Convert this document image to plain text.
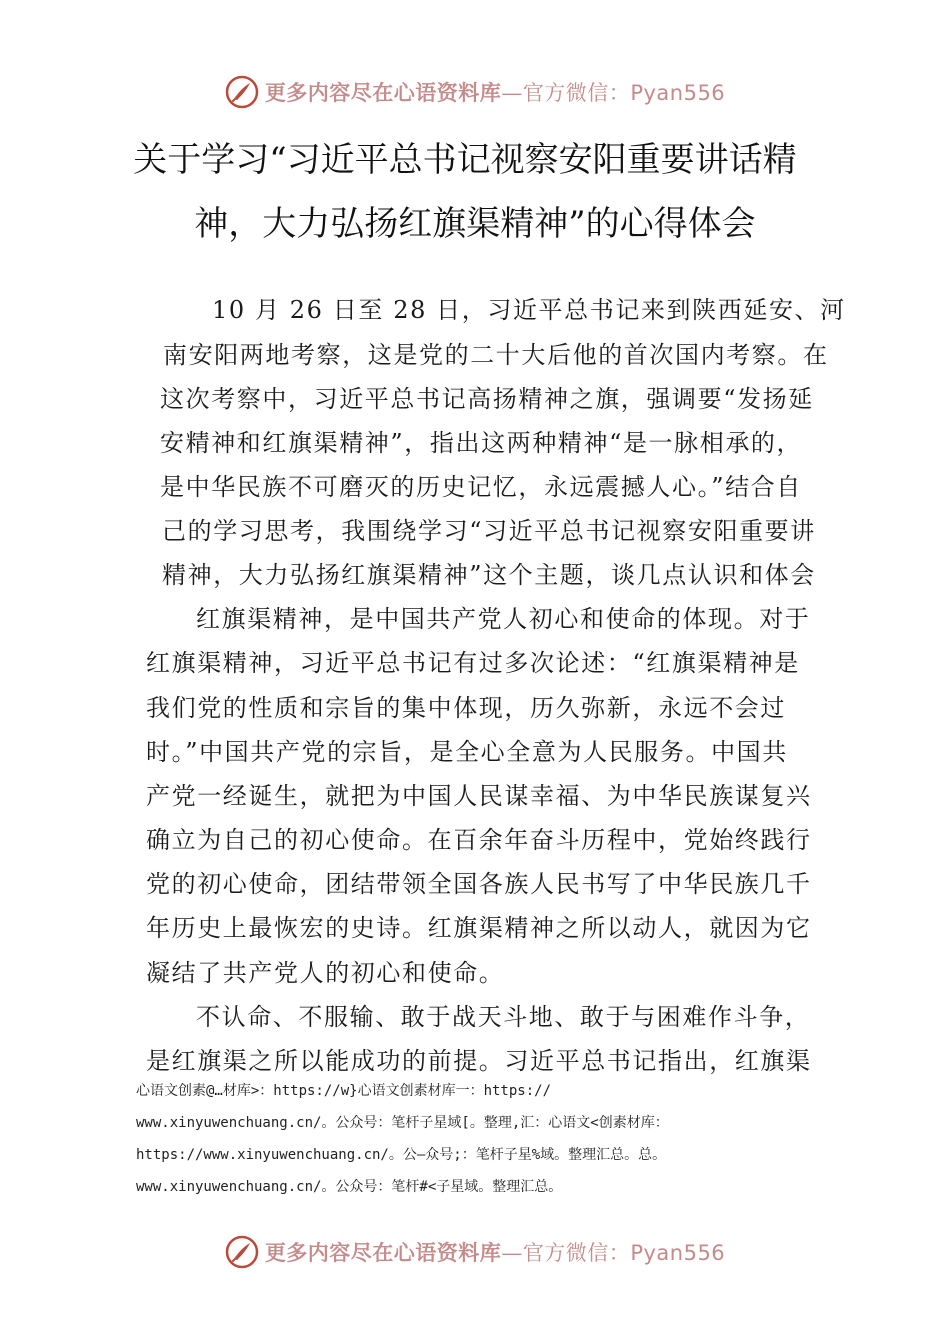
更多内容尽在心语资料库—官方微信：Pyan556
关于学习“习近平总书记视察安阳重要讲话精
神，大力弘扬红旗渠精神”的心得体会
10 月 26 日至 28 日，习近平总书记来到陕西延安、河
南安阳两地考察，这是党的二十大后他的首次国内考察。在
这次考察中，习近平总书记高扬精神之旗，强调要“发扬延
安精神和红旗渠精神”，指出这两种精神“是一脉相承的，
是中华民族不可磨灭的历史记忆，永远震撼人心。”结合自
己的学习思考，我围绕学习“习近平总书记视察安阳重要讲
精神，大力弘扬红旗渠精神”这个主题，谈几点认识和体会
红旗渠精神，是中国共产党人初心和使命的体现。对于
红旗渠精神，习近平总书记有过多次论述：“红旗渠精神是
我们党的性质和宗旨的集中体现，历久弥新，永远不会过
时。”中国共产党的宗旨，是全心全意为人民服务。中国共
产党一经诞生，就把为中国人民谋幸福、为中华民族谋复兴
确立为自己的初心使命。在百余年奋斗历程中，党始终践行
党的初心使命，团结带领全国各族人民书写了中华民族几千
年历史上最恢宏的史诗。红旗渠精神之所以动人，就因为它
凝结了共产党人的初心和使命。
不认命、不服输、敢于战天斗地、敢于与困难作斗争，
是红旗渠之所以能成功的前提。习近平总书记指出，红旗渠
心语文创素@…材库>：https://w}心语文创素材库一：https://
www.xinyuwenchuang.cn/。公众号：笔杆子星域[。整理,汇：心语文<创素材库：
https://www.xinyuwenchuang.cn/。公—众号;：笔杆子星%域。整理汇总。总。
www.xinyuwenchuang.cn/。公众号：笔杆#<子星域。整理汇总。
更多内容尽在心语资料库—官方微信：Pyan556
